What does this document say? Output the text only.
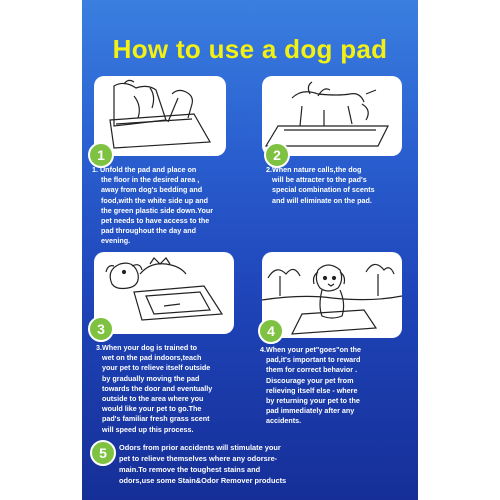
How to use a dog pad
1
1. Unfold the pad and place on
the floor in the desired area ,
away from dog's bedding and
food,with the white side up and
the green plastic side down.Your
pet needs to have access to the
pad throughout the day and
evening.
2
2.When nature calls,the dog
will be attracter to the pad's
special combination of scents
and will eliminate on the pad.
3
3.When your dog is trained to
wet on the pad indoors,teach
your pet to relieve itself outside
by gradually moving the pad
towards the door and eventually
outside to the area where you
would like your pet to go.The
pad's familiar fresh grass scent
will speed up this process.
4
4.When your pet"goes"on the
pad,it's important to reward
them for correct behavior .
Discourage your pet from
relieving itself else - where
by returning your pet to the
pad immediately after any
accidents.
5	Odors from prior accidents will stimulate your
pet to relieve themselves where any odorsre-
main.To remove the toughest stains and
odors,use some Stain&Odor Remover products
